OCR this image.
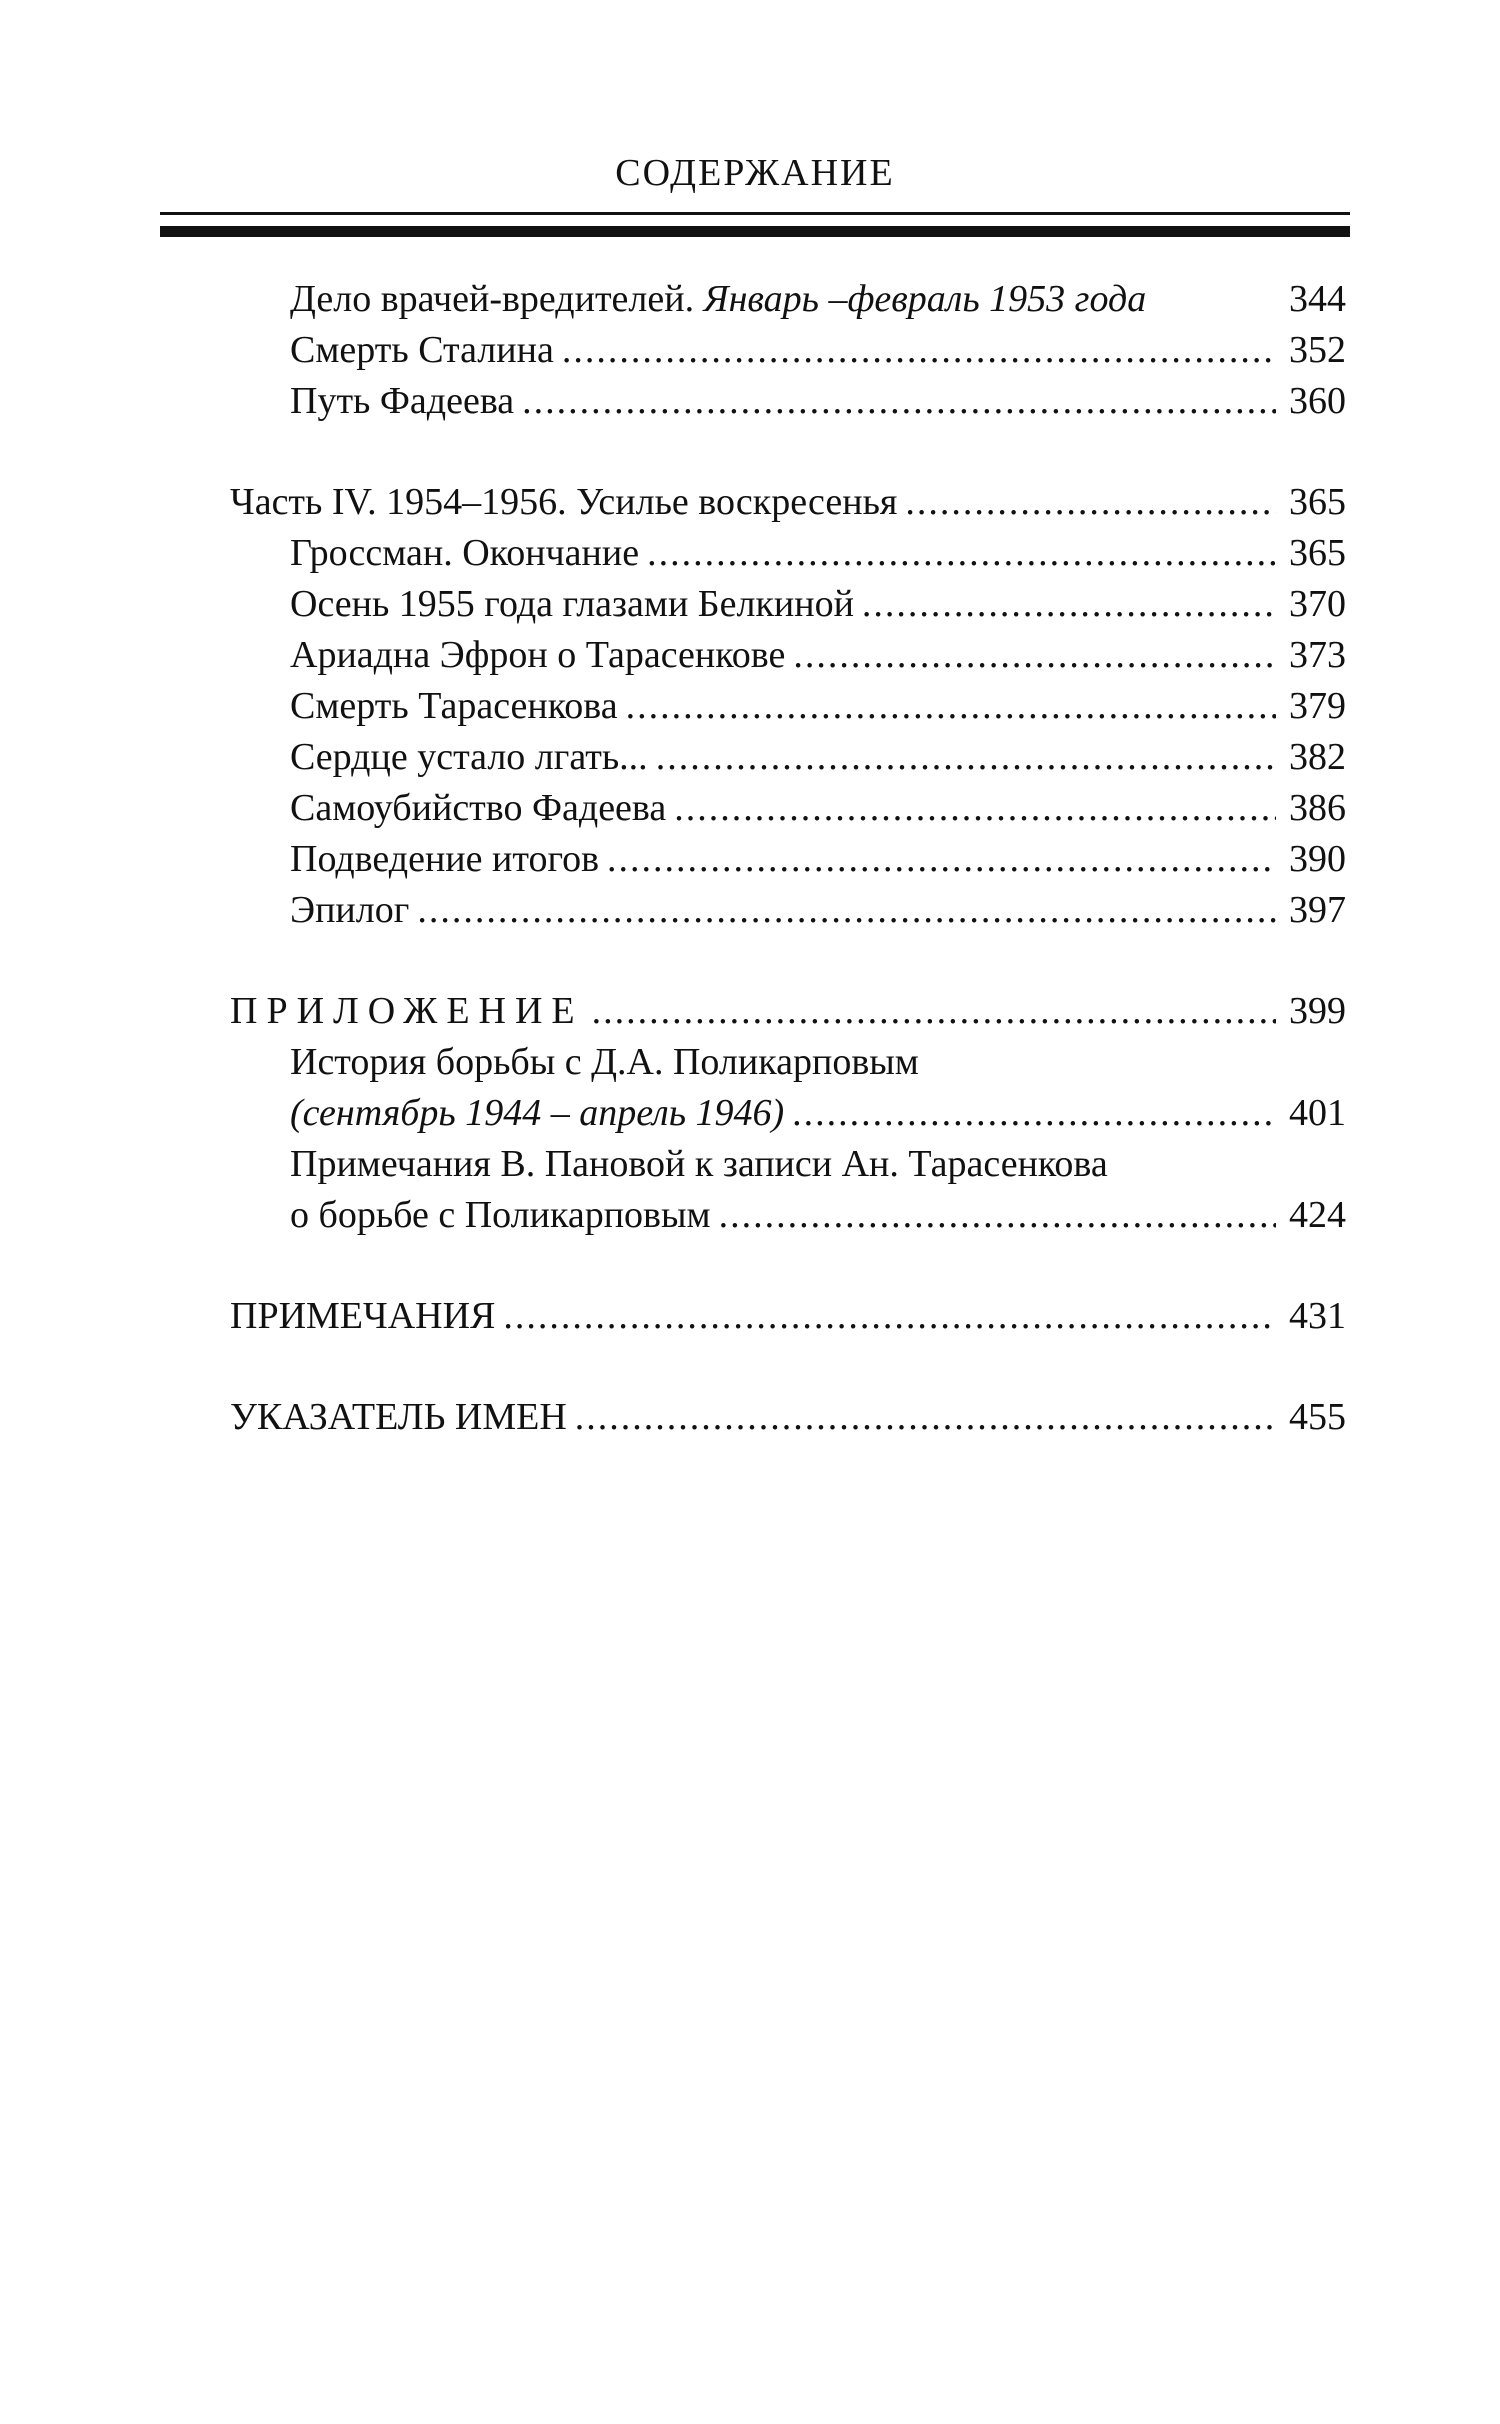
СОДЕРЖАНИЕ
Дело врачей-вредителей. Январь –февраль 1953 года	344
Смерть Сталина .....	352
Путь Фадеева .....	360
Часть IV. 1954–1956. Усилье воскресенья .....	365
Гроссман. Окончание .....	365
Осень 1955 года глазами Белкиной .....	370
Ариадна Эфрон о Тарасенкове .....	373
Смерть Тарасенкова .....	379
Сердце устало лгать... .....	382
Самоубийство Фадеева .....	386
Подведение итогов .....	390
Эпилог .....	397
ПРИЛОЖЕНИЕ .....	399
История борьбы с Д.А. Поликарповым
(сентябрь 1944 – апрель 1946) .....	401
Примечания В. Пановой к записи Ан. Тарасенкова
о борьбе с Поликарповым .....	424
ПРИМЕЧАНИЯ .....	431
УКАЗАТЕЛЬ ИМЕН .....	455
